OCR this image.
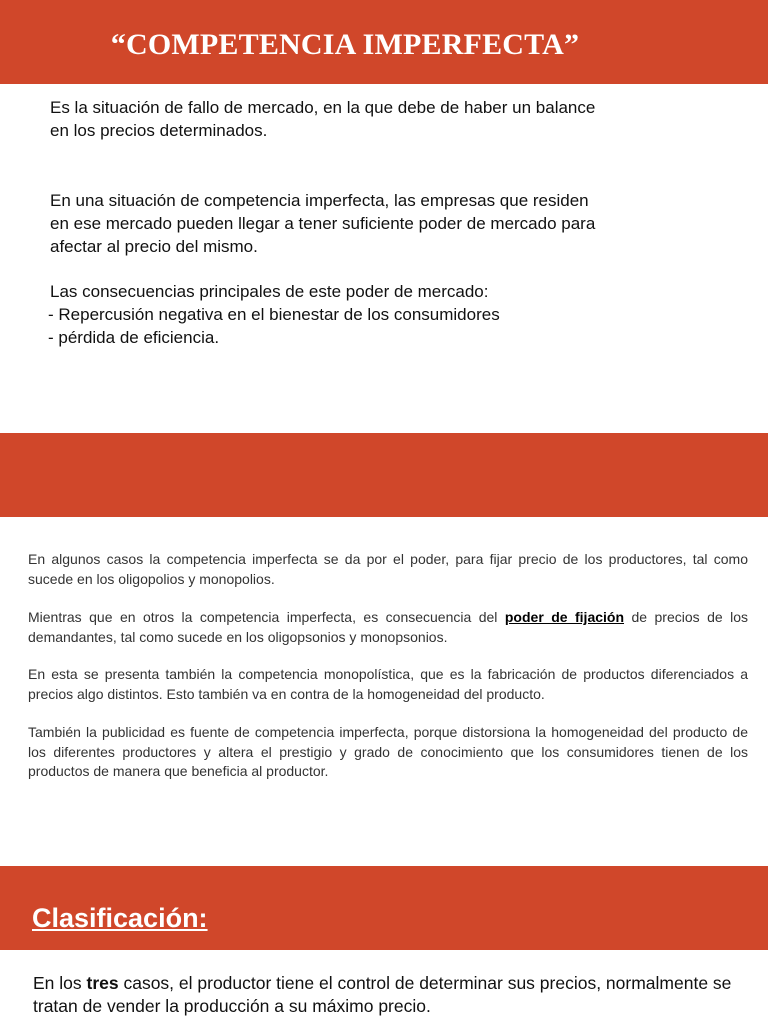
“COMPETENCIA IMPERFECTA”
Es la situación de fallo de mercado, en la que debe de haber un balance
en los precios determinados.
En una situación de competencia imperfecta, las empresas que residen
en ese mercado pueden llegar a tener suficiente poder de mercado para
afectar al precio del mismo.
Las consecuencias principales de este poder de mercado:
- Repercusión negativa en el bienestar de los consumidores
- pérdida de eficiencia.

En algunos casos la competencia imperfecta se da por el poder, para fijar precio de los productores, tal como sucede en los oligopolios y monopolios.

Mientras que en otros la competencia imperfecta, es consecuencia del poder de fijación de precios de los demandantes, tal como sucede en los oligopsonios y monopsonios.

En esta se presenta también la competencia monopolística, que es la fabricación de productos diferenciados a precios algo distintos. Esto también va en contra de la homogeneidad del producto.

También la publicidad es fuente de competencia imperfecta, porque distorsiona la homogeneidad del producto de los diferentes productores y altera el prestigio y grado de conocimiento que los consumidores tienen de los productos de manera que beneficia al productor.

Clasificación:

En los tres casos, el productor tiene el control de determinar sus precios, normalmente se tratan de vender la producción a su máximo precio.
